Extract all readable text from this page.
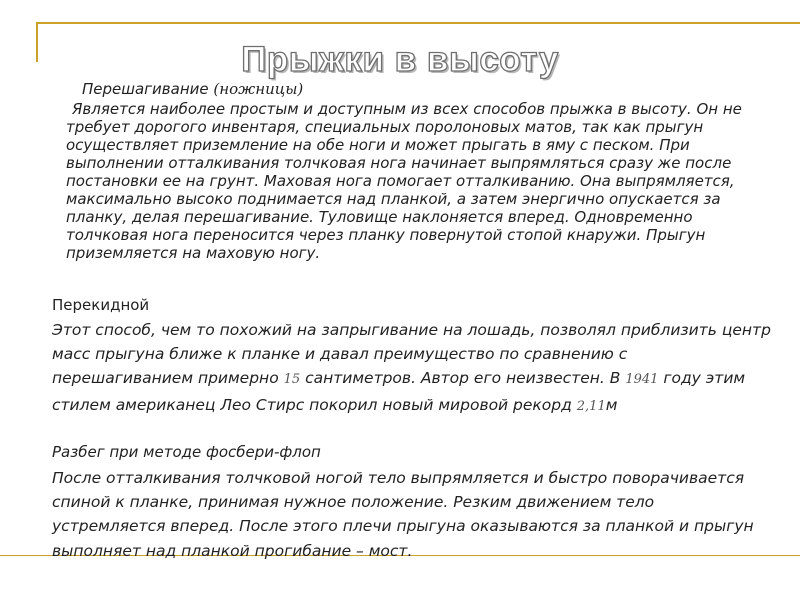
Прыжки в высоту
Перешагивание (ножницы)
Является наиболее простым и доступным из всех способов прыжка в высоту. Он не требует дорогого инвентаря, специальных поролоновых матов, так как прыгун осуществляет приземление на обе ноги и может прыгать в яму с песком. При выполнении отталкивания толчковая нога начинает выпрямляться сразу же после постановки ее на грунт. Маховая нога помогает отталкиванию. Она выпрямляется, максимально высоко поднимается над планкой, а затем энергично опускается за планку, делая перешагивание. Туловище наклоняется вперед. Одновременно толчковая нога переносится через планку повернутой стопой кнаружи. Прыгун приземляется на маховую ногу.
Перекидной
Этот способ, чем то похожий на запрыгивание на лошадь, позволял приблизить центр масс прыгуна ближе к планке и давал преимущество по сравнению с перешагиванием примерно 15 сантиметров. Автор его неизвестен. В 1941 году этим стилем американец Лео Стирс покорил новый мировой рекорд 2,11м
Разбег при методе фосбери-флоп
После отталкивания толчковой ногой тело выпрямляется и быстро поворачивается спиной к планке, принимая нужное положение. Резким движением тело устремляется вперед. После этого плечи прыгуна оказываются за планкой и прыгун выполняет над планкой прогибание – мост.
